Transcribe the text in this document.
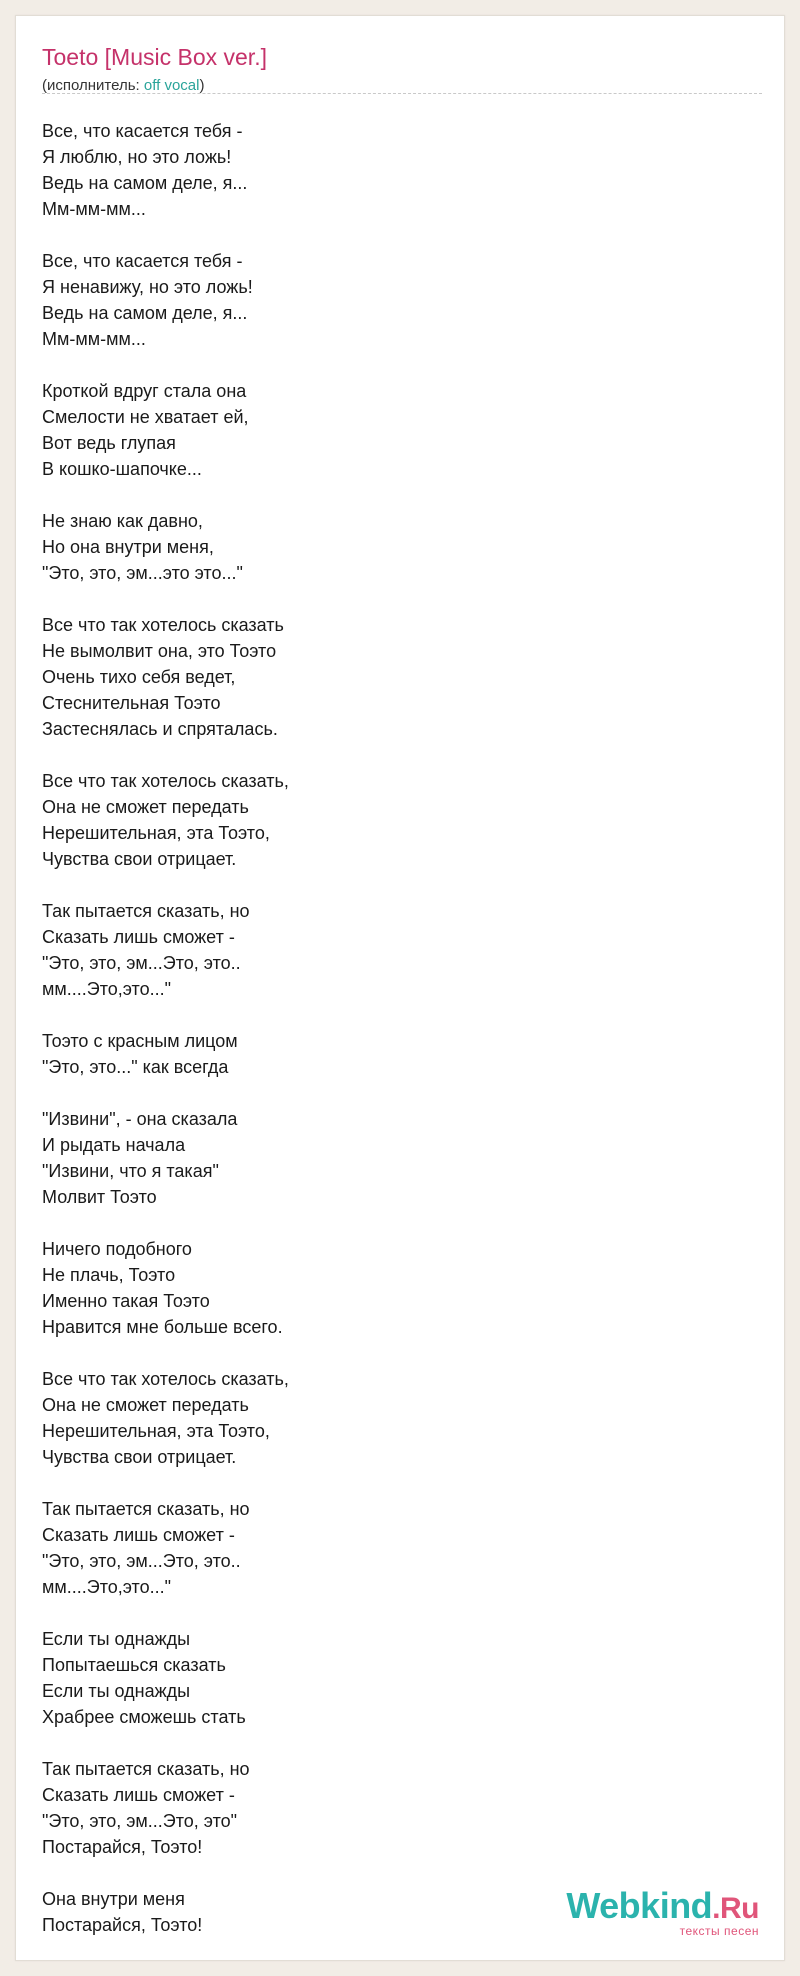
Toeto [Music Box ver.]
(исполнитель: off vocal)
Все, что касается тебя -
Я люблю, но это ложь!
Ведь на самом деле, я...
Мм-мм-мм...
Все, что касается тебя -
Я ненавижу, но это ложь!
Ведь на самом деле, я...
Мм-мм-мм...
Кроткой вдруг стала она
Смелости не хватает ей,
Вот ведь глупая
В кошко-шапочке...
Не знаю как давно,
Но она внутри меня,
"Это, это, эм...это это..."
Все что так хотелось сказать
Не вымолвит она, это Тоэто
Очень тихо себя ведет,
Стеснительная Тоэто
Застеснялась и спряталась.
Все что так хотелось сказать,
Она не сможет передать
Нерешительная, эта Тоэто,
Чувства свои отрицает.
Так пытается сказать, но
Сказать лишь сможет -
"Это, это, эм...Это, это..
мм....Это,это..."
Тоэто с красным лицом
"Это, это..." как всегда
"Извини", - она сказала
И рыдать начала
"Извини, что я такая"
Молвит Тоэто
Ничего подобного
Не плачь, Тоэто
Именно такая Тоэто
Нравится мне больше всего.
Все что так хотелось сказать,
Она не сможет передать
Нерешительная, эта Тоэто,
Чувства свои отрицает.
Так пытается сказать, но
Сказать лишь сможет -
"Это, это, эм...Это, это..
мм....Это,это..."
Если ты однажды
Попытаешься сказать
Если ты однажды
Храбрее сможешь стать
Так пытается сказать, но
Сказать лишь сможет -
"Это, это, эм...Это, это"
Постарайся, Тоэто!
Она внутри меня
Постарайся, Тоэто!	Webkind.Ru
тексты песен
